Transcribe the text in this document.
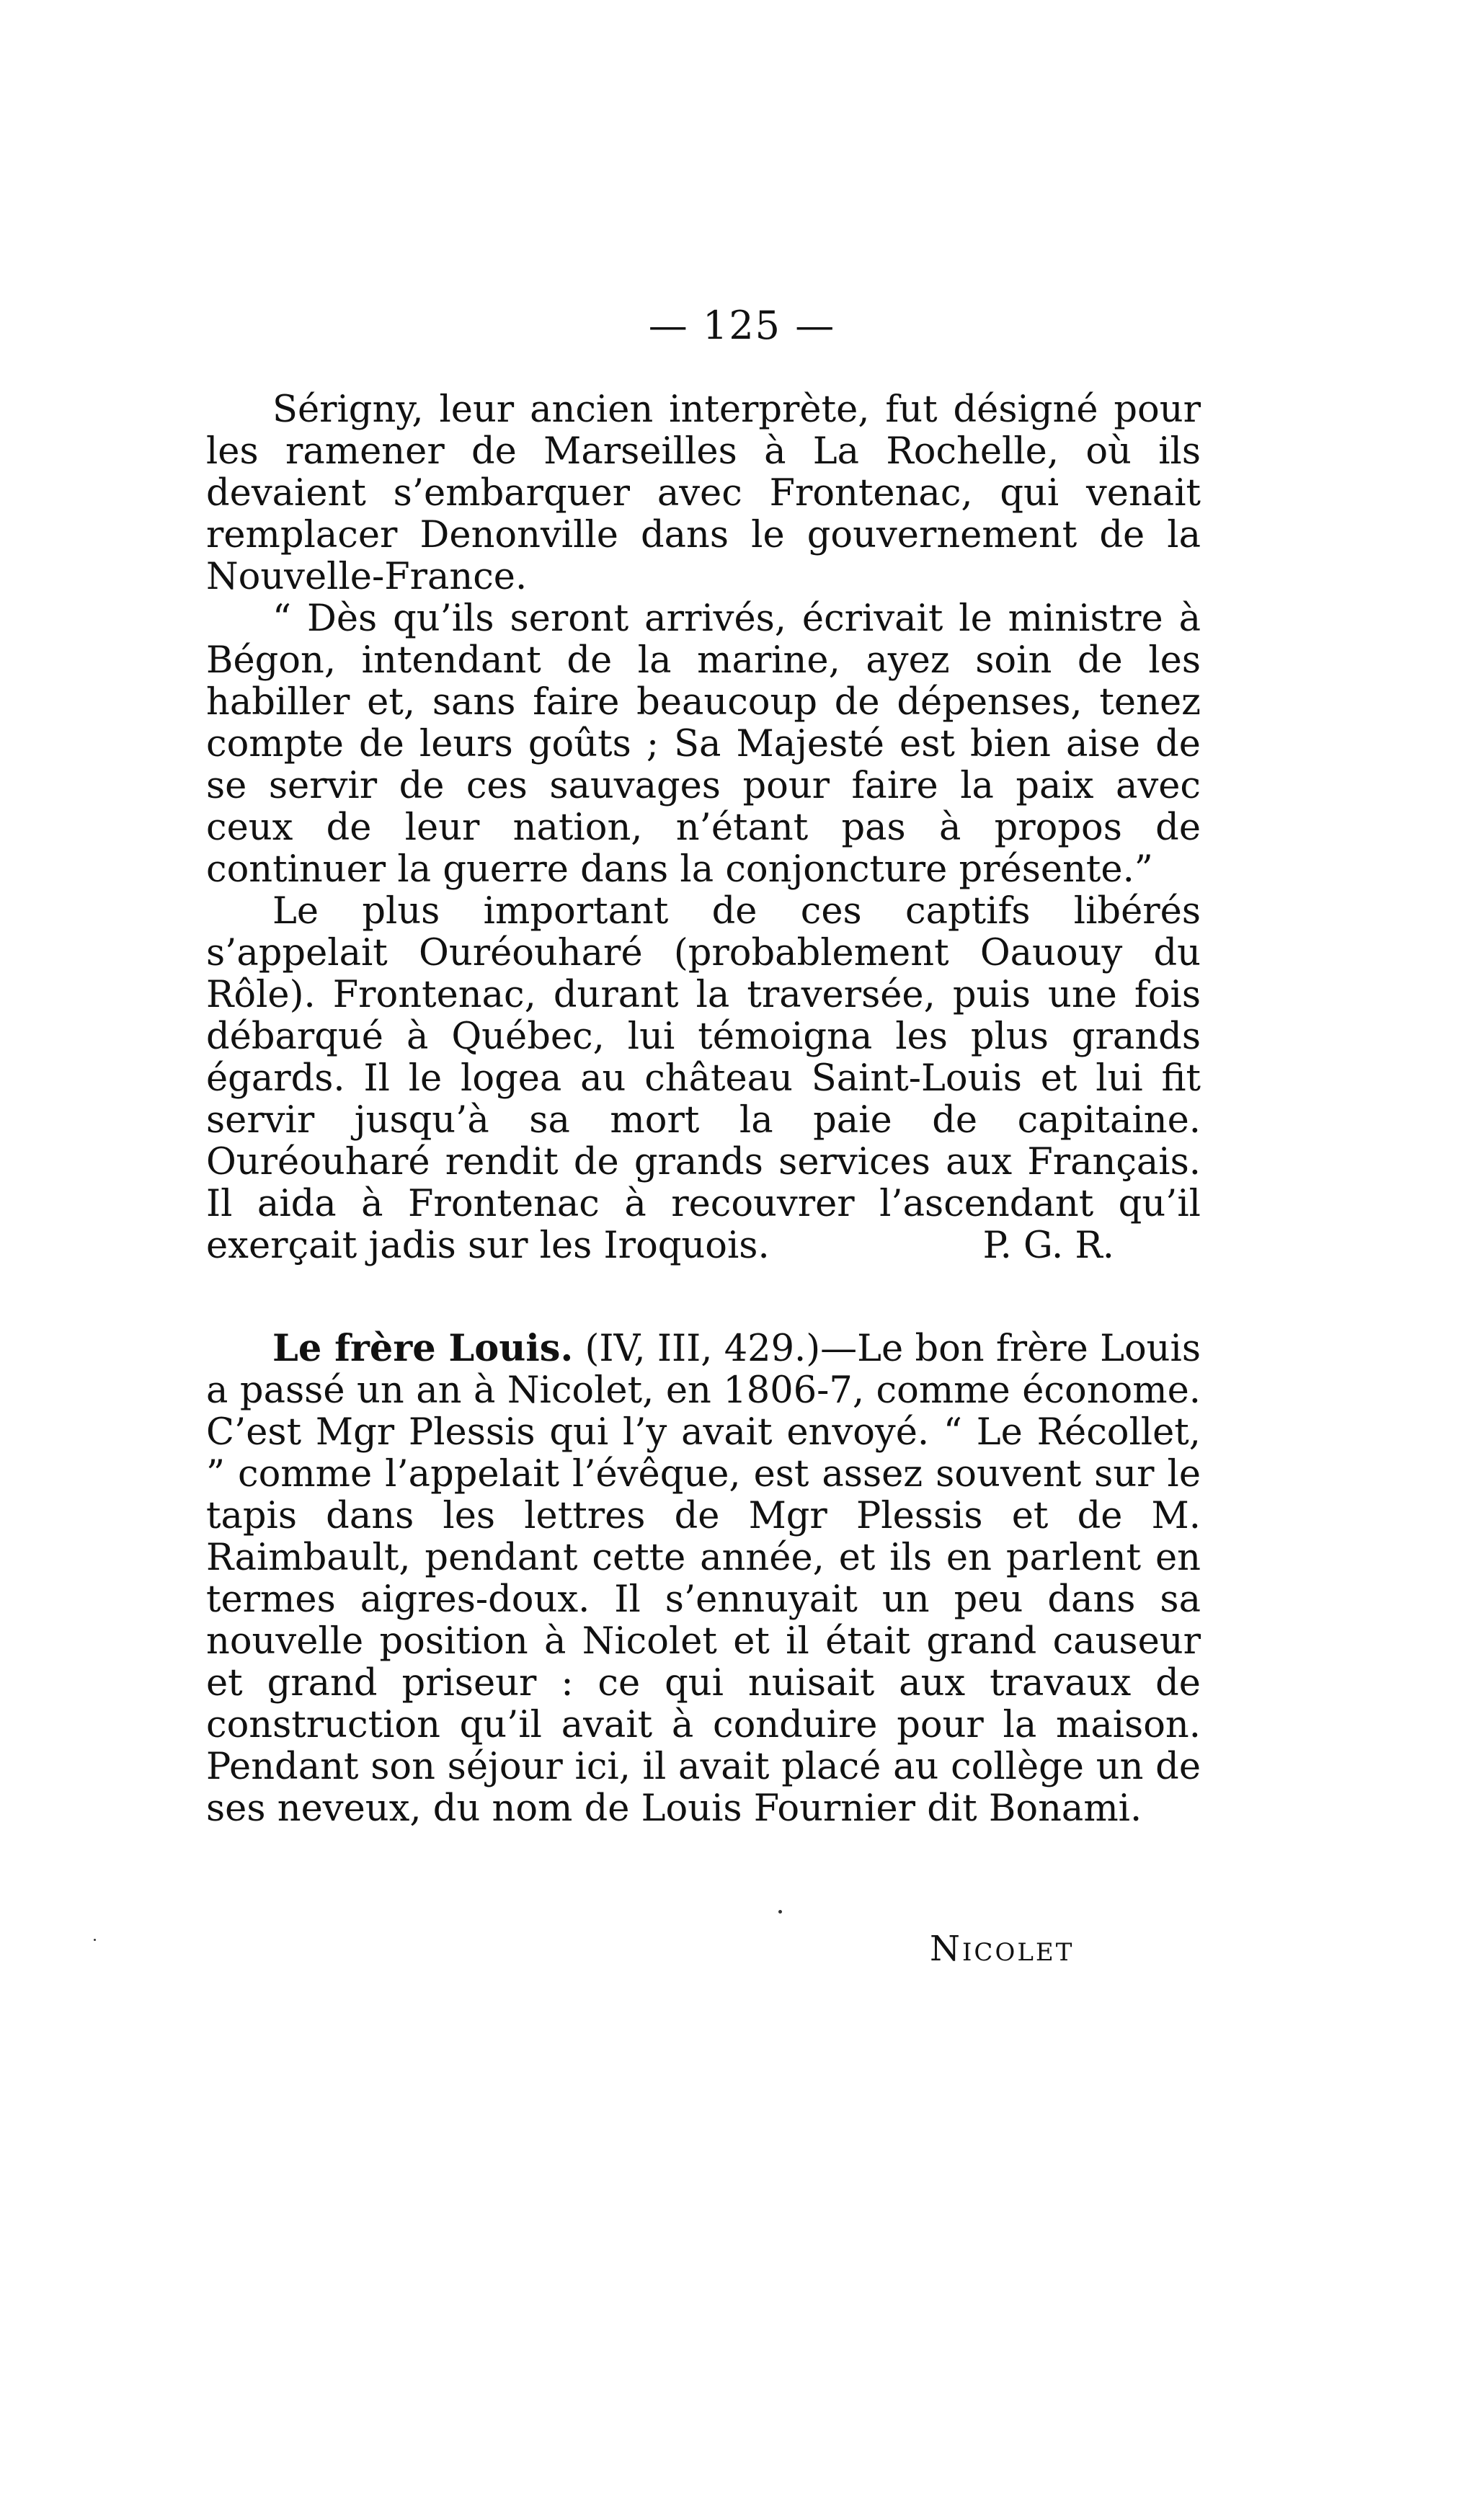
— 125 —

Sérigny, leur ancien interprète, fut désigné pour les ramener de Marseilles à La Rochelle, où ils devaient s’embarquer avec Frontenac, qui venait remplacer Denonville dans le gouvernement de la Nouvelle-France.

“ Dès qu’ils seront arrivés, écrivait le ministre à Bégon, intendant de la marine, ayez soin de les habiller et, sans faire beaucoup de dépenses, tenez compte de leurs goûts ; Sa Majesté est bien aise de se servir de ces sauvages pour faire la paix avec ceux de leur nation, n’étant pas à propos de continuer la guerre dans la conjoncture présente.”

Le plus important de ces captifs libérés s’appelait Ouréouharé (probablement Oauouy du Rôle). Frontenac, durant la traversée, puis une fois débarqué à Québec, lui témoigna les plus grands égards. Il le logea au château Saint-Louis et lui fit servir jusqu’à sa mort la paie de capitaine. Ouréouharé rendit de grands services aux Français. Il aida à Frontenac à recouvrer l’ascendant qu’il exerçait jadis sur les Iroquois.	P. G. R.

Le frère Louis. (IV, III, 429.)—Le bon frère Louis a passé un an à Nicolet, en 1806-7, comme économe. C’est Mgr Plessis qui l’y avait envoyé. “ Le Récollet, ” comme l’appelait l’évêque, est assez souvent sur le tapis dans les lettres de Mgr Plessis et de M. Raimbault, pendant cette année, et ils en parlent en termes aigres-doux. Il s’ennuyait un peu dans sa nouvelle position à Nicolet et il était grand causeur et grand priseur : ce qui nuisait aux travaux de construction qu’il avait à conduire pour la maison. Pendant son séjour ici, il avait placé au collège un de ses neveux, du nom de Louis Fournier dit Bonami.

Nicolet
